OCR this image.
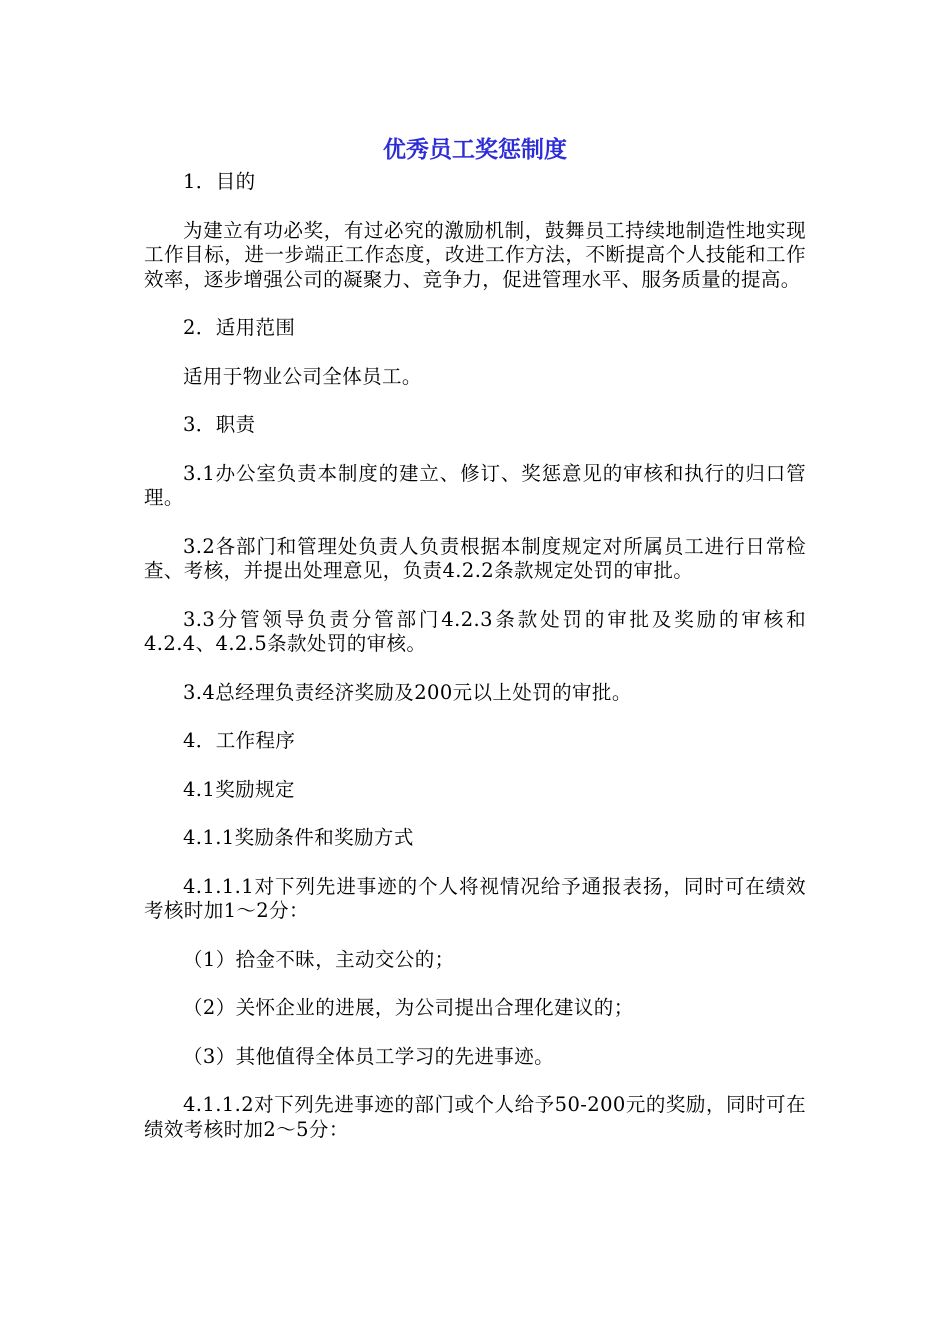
优秀员工奖惩制度

1．目的

为建立有功必奖，有过必究的激励机制，鼓舞员工持续地制造性地实现工作目标，进一步端正工作态度，改进工作方法，不断提高个人技能和工作效率，逐步增强公司的凝聚力、竞争力，促进管理水平、服务质量的提高。

2．适用范围

适用于物业公司全体员工。

3．职责

3.1办公室负责本制度的建立、修订、奖惩意见的审核和执行的归口管理。

3.2各部门和管理处负责人负责根据本制度规定对所属员工进行日常检查、考核，并提出处理意见，负责4.2.2条款规定处罚的审批。

3.3分管领导负责分管部门4.2.3条款处罚的审批及奖励的审核和4.2.4、4.2.5条款处罚的审核。

3.4总经理负责经济奖励及200元以上处罚的审批。

4．工作程序

4.1奖励规定

4.1.1奖励条件和奖励方式

4.1.1.1对下列先进事迹的个人将视情况给予通报表扬，同时可在绩效考核时加1～2分：

（1）拾金不昧，主动交公的；

（2）关怀企业的进展，为公司提出合理化建议的；

（3）其他值得全体员工学习的先进事迹。

4.1.1.2对下列先进事迹的部门或个人给予50-200元的奖励，同时可在绩效考核时加2～5分：
